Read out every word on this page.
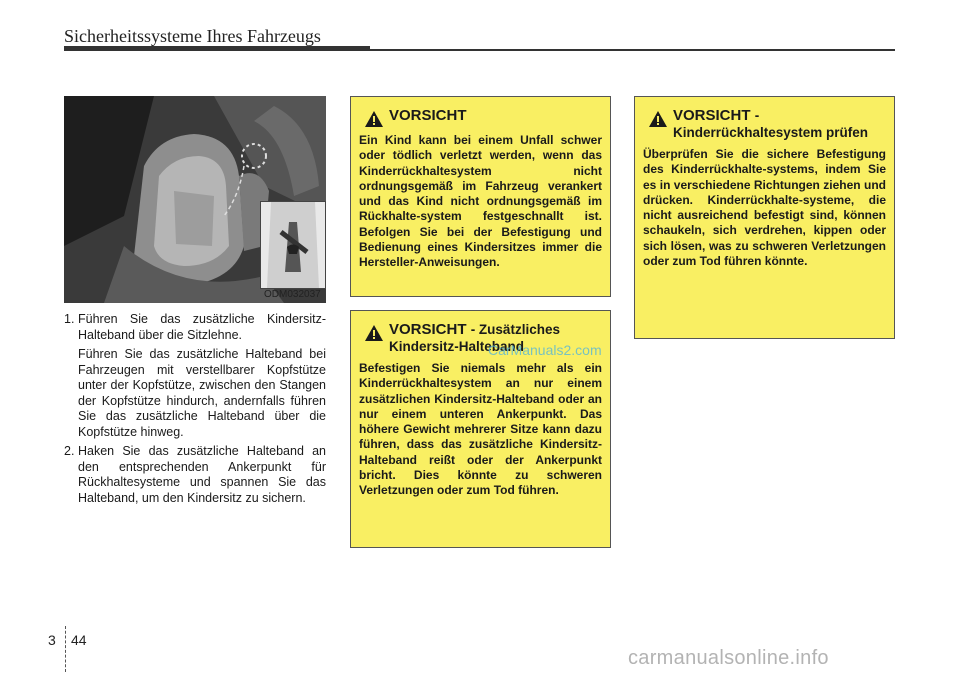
Sicherheitssysteme Ihres Fahrzeugs
ODM032037
1. Führen Sie das zusätzliche Kindersitz-Halteband über die Sitzlehne.

Führen Sie das zusätzliche Halteband bei Fahrzeugen mit verstellbarer Kopfstütze unter der Kopfstütze, zwischen den Stangen der Kopfstütze hindurch, andernfalls führen Sie das zusätzliche Halteband über die Kopfstütze hinweg.

2. Haken Sie das zusätzliche Halteband an den entsprechenden Ankerpunkt für Rückhaltesysteme und spannen Sie das Halteband, um den Kindersitz zu sichern.

VORSICHT
Ein Kind kann bei einem Unfall schwer oder tödlich verletzt werden, wenn das Kinderrückhaltesystem nicht ordnungsgemäß im Fahrzeug verankert und das Kind nicht ordnungsgemäß im Rückhalte-system festgeschnallt ist. Befolgen Sie bei der Befestigung und Bedienung eines Kindersitzes immer die Hersteller-Anweisungen.
VORSICHT - Zusätzliches Kindersitz-Halteband
Befestigen Sie niemals mehr als ein Kinderrückhaltesystem an nur einem zusätzlichen Kindersitz-Halteband oder an nur einem unteren Ankerpunkt. Das höhere Gewicht mehrerer Sitze kann dazu führen, dass das zusätzliche Kindersitz-Halteband reißt oder der Ankerpunkt bricht. Dies könnte zu schweren Verletzungen oder zum Tod führen.
VORSICHT - Kinderrückhaltesystem prüfen
Überprüfen Sie die sichere Befestigung des Kinderrückhalte-systems, indem Sie es in verschiedene Richtungen ziehen und drücken. Kinderrückhalte-systeme, die nicht ausreichend befestigt sind, können schaukeln, sich verdrehen, kippen oder sich lösen, was zu schweren Verletzungen oder zum Tod führen könnte.
CarManuals2.com
3 44
carmanualsonline.info
